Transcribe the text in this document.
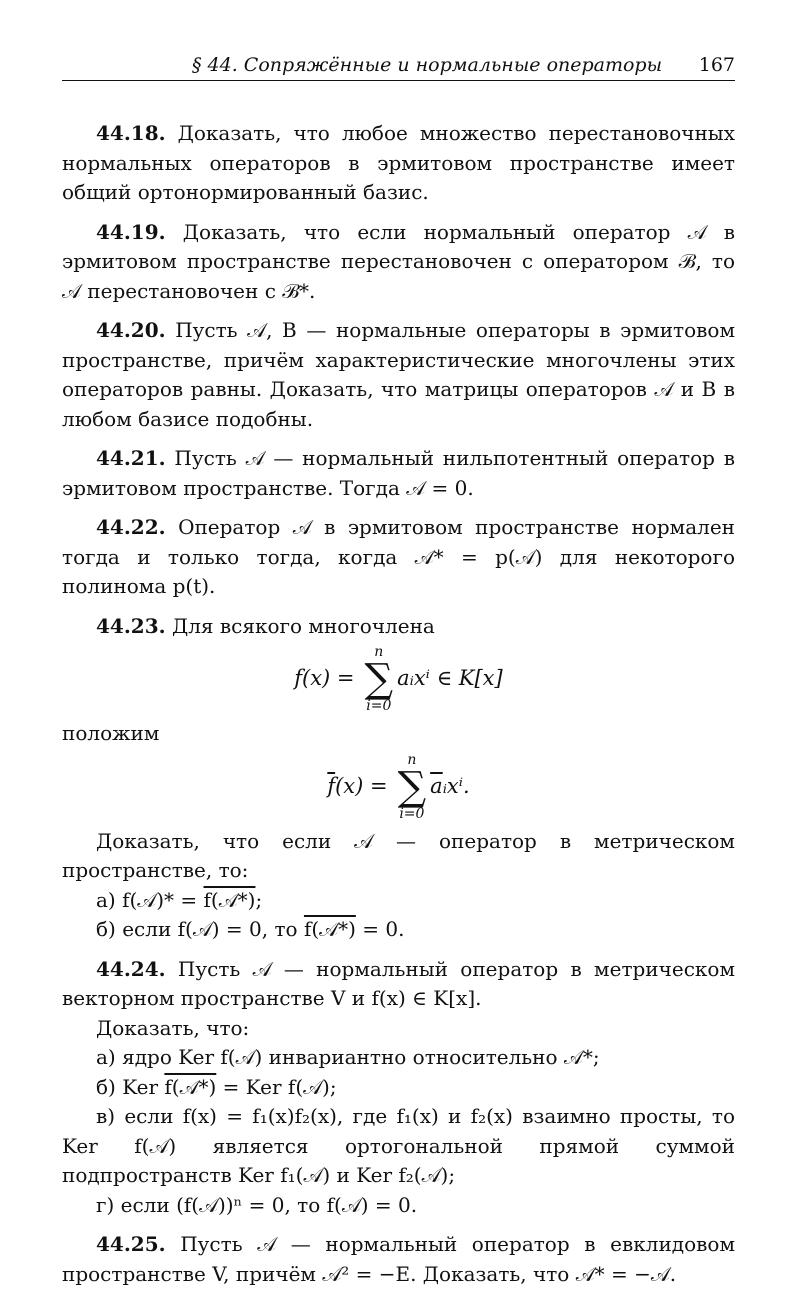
§ 44. Сопряжённые и нормальные операторы 167

44.18. Доказать, что любое множество перестановочных нормальных операторов в эрмитовом пространстве имеет общий ортонормированный базис.

44.19. Доказать, что если нормальный оператор 𝒜 в эрмитовом пространстве перестановочен с оператором ℬ, то 𝒜 перестановочен с ℬ*.

44.20. Пусть 𝒜, B — нормальные операторы в эрмитовом пространстве, причём характеристические многочлены этих операторов равны. Доказать, что матрицы операторов 𝒜 и B в любом базисе подобны.

44.21. Пусть 𝒜 — нормальный нильпотентный оператор в эрмитовом пространстве. Тогда 𝒜 = 0.

44.22. Оператор 𝒜 в эрмитовом пространстве нормален тогда и только тогда, когда 𝒜* = p(𝒜) для некоторого полинома p(t).

44.23. Для всякого многочлена

f(x) =
n
∑
i=0
aᵢxⁱ ∈ K[x]

положим

$\overline{f}$ (x) =
n
∑
i=0
$\overline{a}$ ᵢxⁱ.

Доказать, что если 𝒜 — оператор в метрическом пространстве, то:

а) f(𝒜)* = f(𝒜*);

б) если f(𝒜) = 0, то f(𝒜*) = 0.

44.24. Пусть 𝒜 — нормальный оператор в метрическом векторном пространстве V и f(x) ∈ K[x].

Доказать, что:

а) ядро Ker f(𝒜) инвариантно относительно 𝒜*;

б) Ker f(𝒜*) = Ker f(𝒜);

в) если f(x) = f₁(x)f₂(x), где f₁(x) и f₂(x) взаимно просты, то Ker f(𝒜) является ортогональной прямой суммой подпространств Ker f₁(𝒜) и Ker f₂(𝒜);

г) если (f(𝒜))ⁿ = 0, то f(𝒜) = 0.

44.25. Пусть 𝒜 — нормальный оператор в евклидовом пространстве V, причём 𝒜² = −E. Доказать, что 𝒜* = −𝒜.
